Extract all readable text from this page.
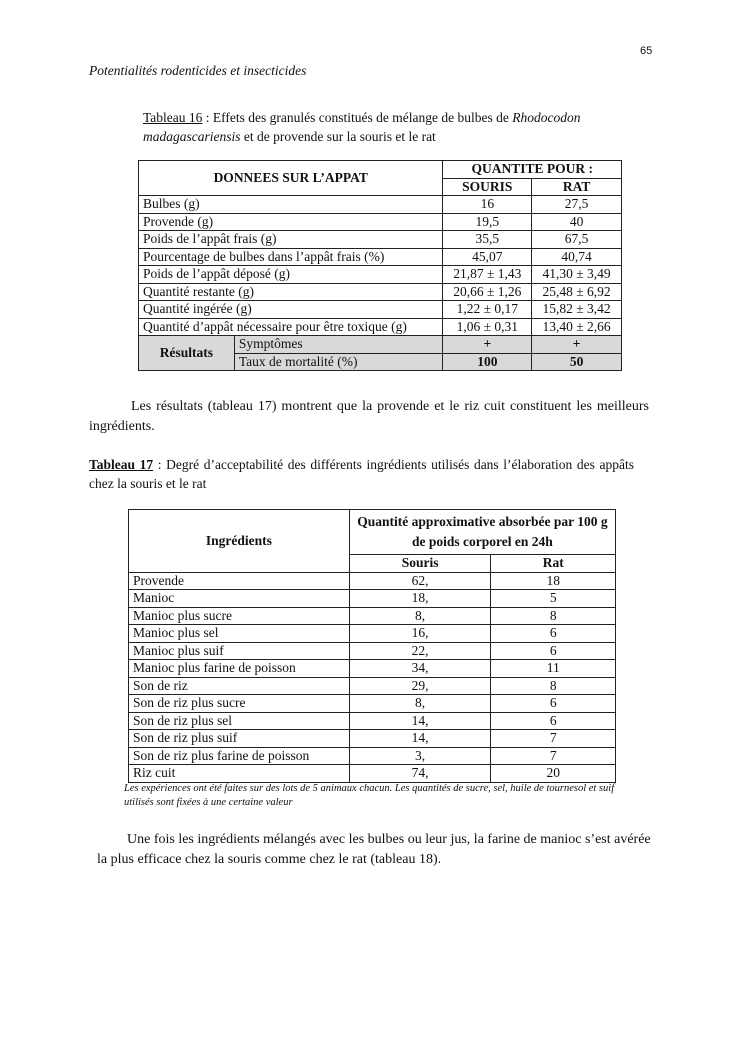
65
Potentialités rodenticides et insecticides
Tableau 16 : Effets des granulés constitués de mélange de bulbes de Rhodocodon madagascariensis et de provende sur la souris et le rat
DONNEES SUR L’APPAT		QUANTITE POUR :	
		SOURIS	RAT
Bulbes (g)		16	27,5
Provende (g)		19,5	40
Poids de l’appât frais (g)		35,5	67,5
Pourcentage de bulbes dans l’appât frais (%)		45,07	40,74
Poids de l’appât déposé (g)		21,87 ± 1,43	41,30 ± 3,49
Quantité restante (g)		20,66 ± 1,26	25,48 ± 6,92
Quantité ingérée (g)		1,22 ± 0,17	15,82 ± 3,42
Quantité d’appât nécessaire pour être toxique (g)		1,06 ± 0,31	13,40 ± 2,66
Résultats	Symptômes	+	+
	Taux de mortalité (%)	100	50
Les résultats (tableau 17) montrent que la provende et le riz cuit constituent les meilleurs ingrédients.
Tableau 17 : Degré d’acceptabilité des différents ingrédients utilisés dans l’élaboration des appâts chez la souris et le rat
Ingrédients	Quantité approximative absorbée par 100 g de poids corporel en 24h	
	Souris	Rat
Provende	62,	18
Manioc	18,	5
Manioc plus sucre	8,	8
Manioc plus sel	16,	6
Manioc plus suif	22,	6
Manioc plus farine de poisson	34,	11
Son de riz	29,	8
Son de riz plus sucre	8,	6
Son de riz plus sel	14,	6
Son de riz plus suif	14,	7
Son de riz plus farine de poisson	3,	7
Riz cuit	74,	20
Les expériences ont été faites sur des lots de 5 animaux chacun. Les quantités de sucre, sel, huile de tournesol et suif utilisés sont fixées à une certaine valeur
Une fois les ingrédients mélangés avec les bulbes ou leur jus, la farine de manioc s’est avérée la plus efficace chez la souris comme chez le rat (tableau 18).
